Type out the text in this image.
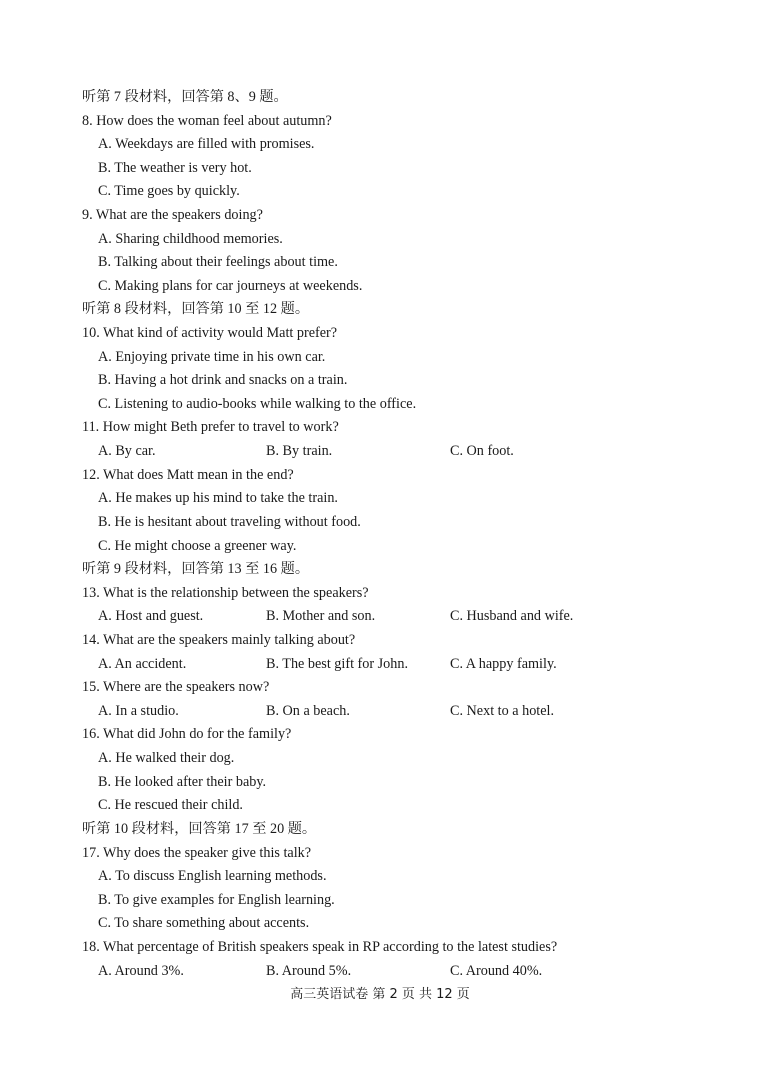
听第 7 段材料，回答第 8、9 题。
8. How does the woman feel about autumn?
A. Weekdays are filled with promises.
B. The weather is very hot.
C. Time goes by quickly.
9. What are the speakers doing?
A. Sharing childhood memories.
B. Talking about their feelings about time.
C. Making plans for car journeys at weekends.
听第 8 段材料，回答第 10 至 12 题。
10. What kind of activity would Matt prefer?
A. Enjoying private time in his own car.
B. Having a hot drink and snacks on a train.
C. Listening to audio-books while walking to the office.
11. How might Beth prefer to travel to work?
A. By car.	B. By train.	C. On foot.
12. What does Matt mean in the end?
A. He makes up his mind to take the train.
B. He is hesitant about traveling without food.
C. He might choose a greener way.
听第 9 段材料，回答第 13 至 16 题。
13. What is the relationship between the speakers?
A. Host and guest.	B. Mother and son.	C. Husband and wife.
14. What are the speakers mainly talking about?
A. An accident.	B. The best gift for John.	C. A happy family.
15. Where are the speakers now?
A. In a studio.	B. On a beach.	C. Next to a hotel.
16. What did John do for the family?
A. He walked their dog.
B. He looked after their baby.
C. He rescued their child.
听第 10 段材料，回答第 17 至 20 题。
17. Why does the speaker give this talk?
A. To discuss English learning methods.
B. To give examples for English learning.
C. To share something about accents.
18. What percentage of British speakers speak in RP according to the latest studies?
A. Around 3%.	B. Around 5%.	C. Around 40%.
高三英语试卷 第 2 页 共 12 页
